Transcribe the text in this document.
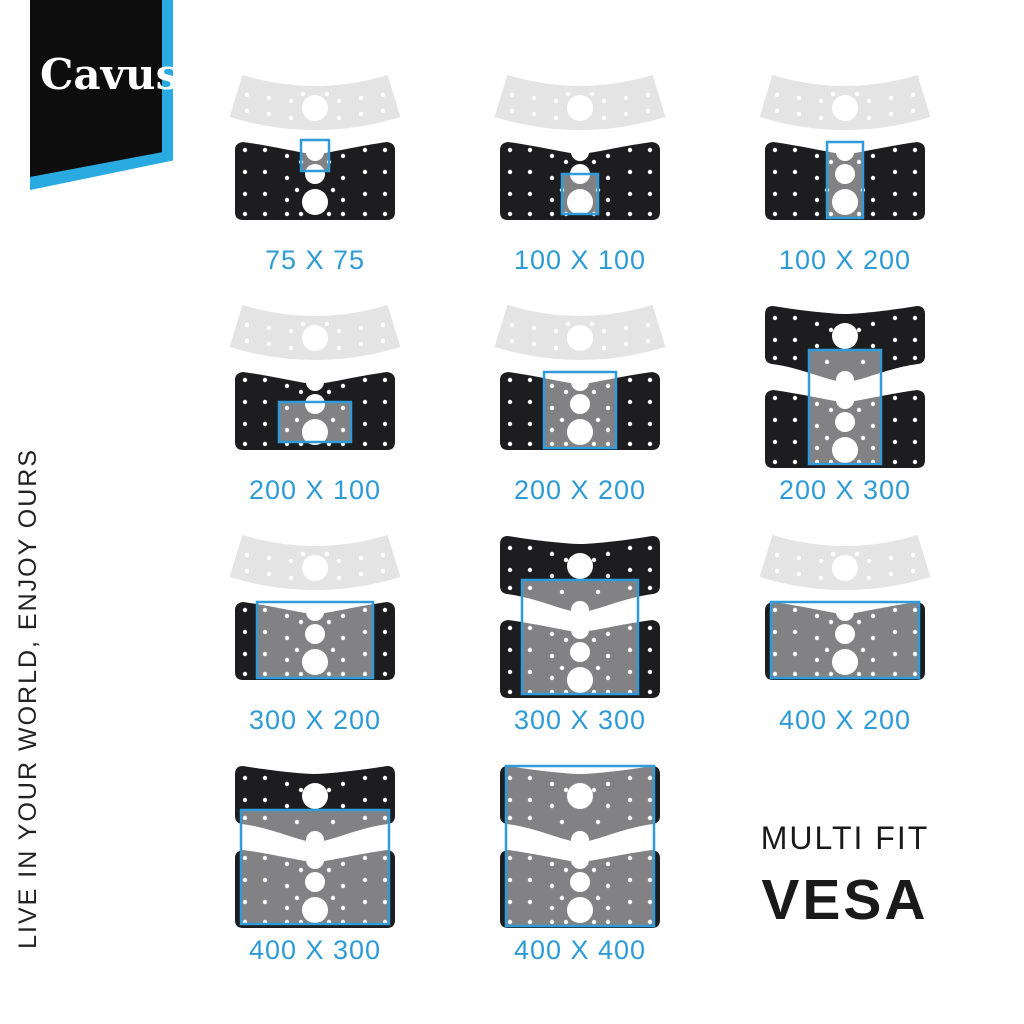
Cavus
LIVE IN YOUR WORLD, ENJOY OURS
75 X 75	100 X 100	100 X 200
200 X 100	200 X 200	200 X 300
300 X 200	300 X 300	400 X 200
400 X 300	400 X 400
MULTI FIT
VESA
